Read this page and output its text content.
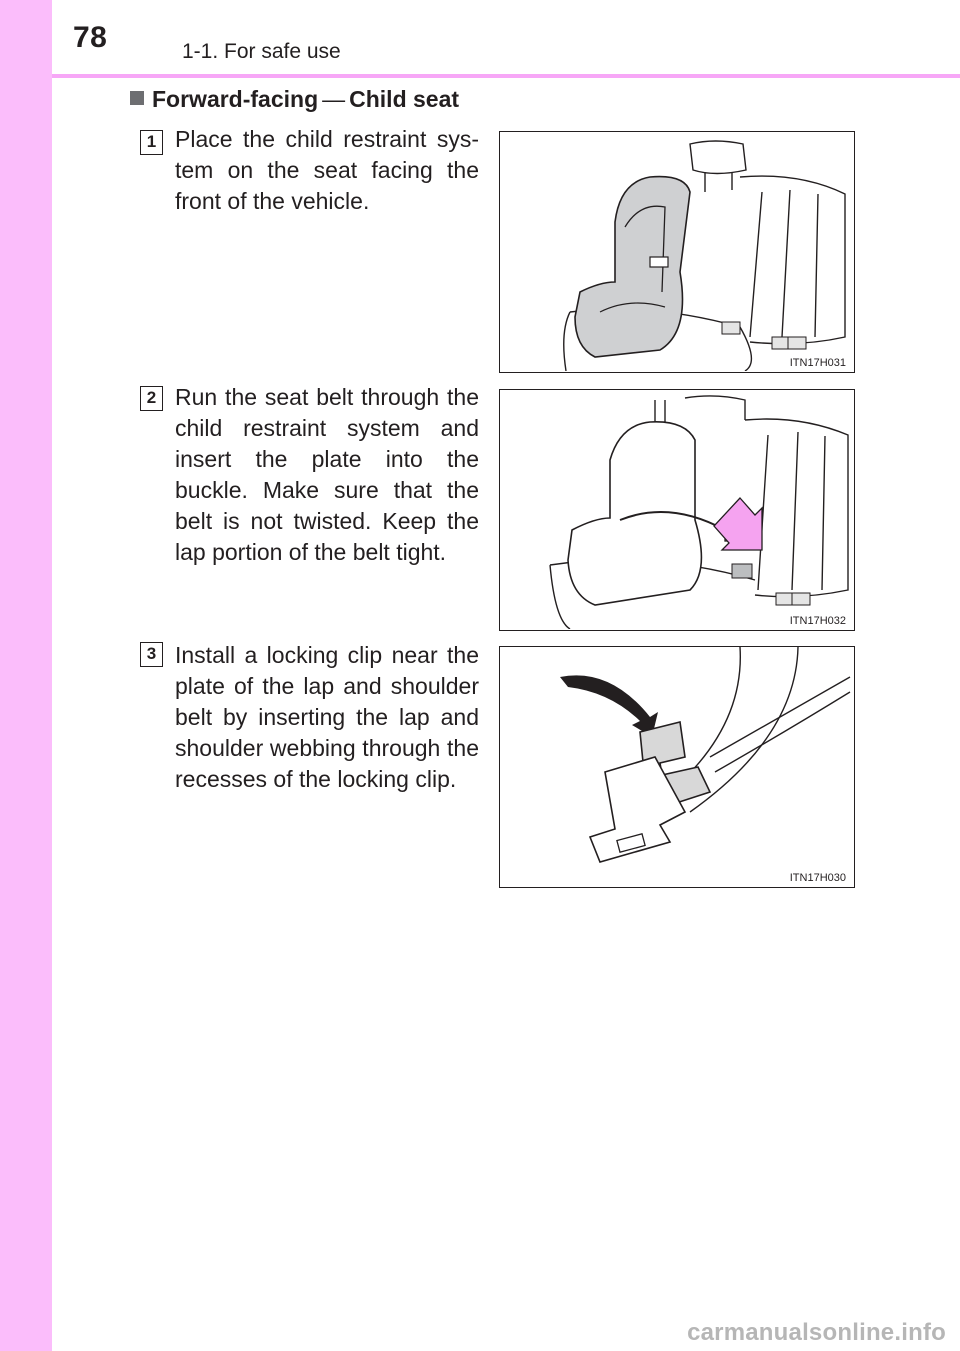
78	1-1. For safe use
Forward-facing — Child seat
1 Place the child restraint sys-tem on the seat facing the front of the vehicle.
ITN17H031
2 Run the seat belt through the child restraint system and insert the plate into the buckle. Make sure that the belt is not twisted. Keep the lap portion of the belt tight.
ITN17H032
3 Install a locking clip near the plate of the lap and shoulder belt by inserting the lap and shoulder webbing through the recesses of the locking clip.
ITN17H030
carmanualsonline.info
